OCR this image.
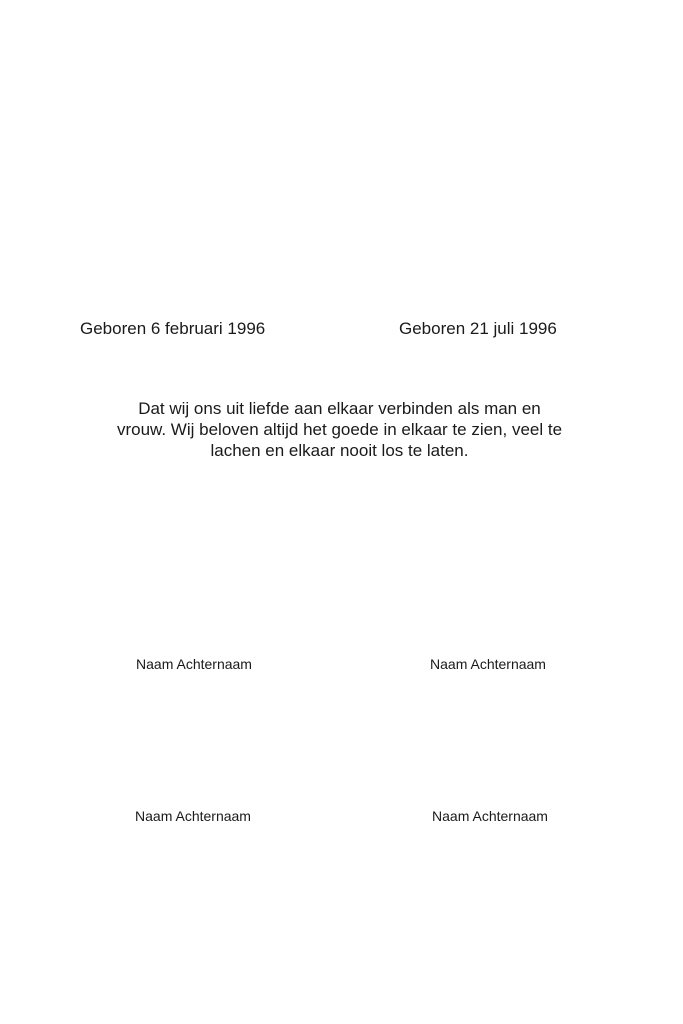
Geboren 6 februari 1996	Geboren 21 juli 1996
Dat wij ons uit liefde aan elkaar verbinden als man en vrouw. Wij beloven altijd het goede in elkaar te zien, veel te lachen en elkaar nooit los te laten.
Naam Achternaam	Naam Achternaam
Naam Achternaam	Naam Achternaam
